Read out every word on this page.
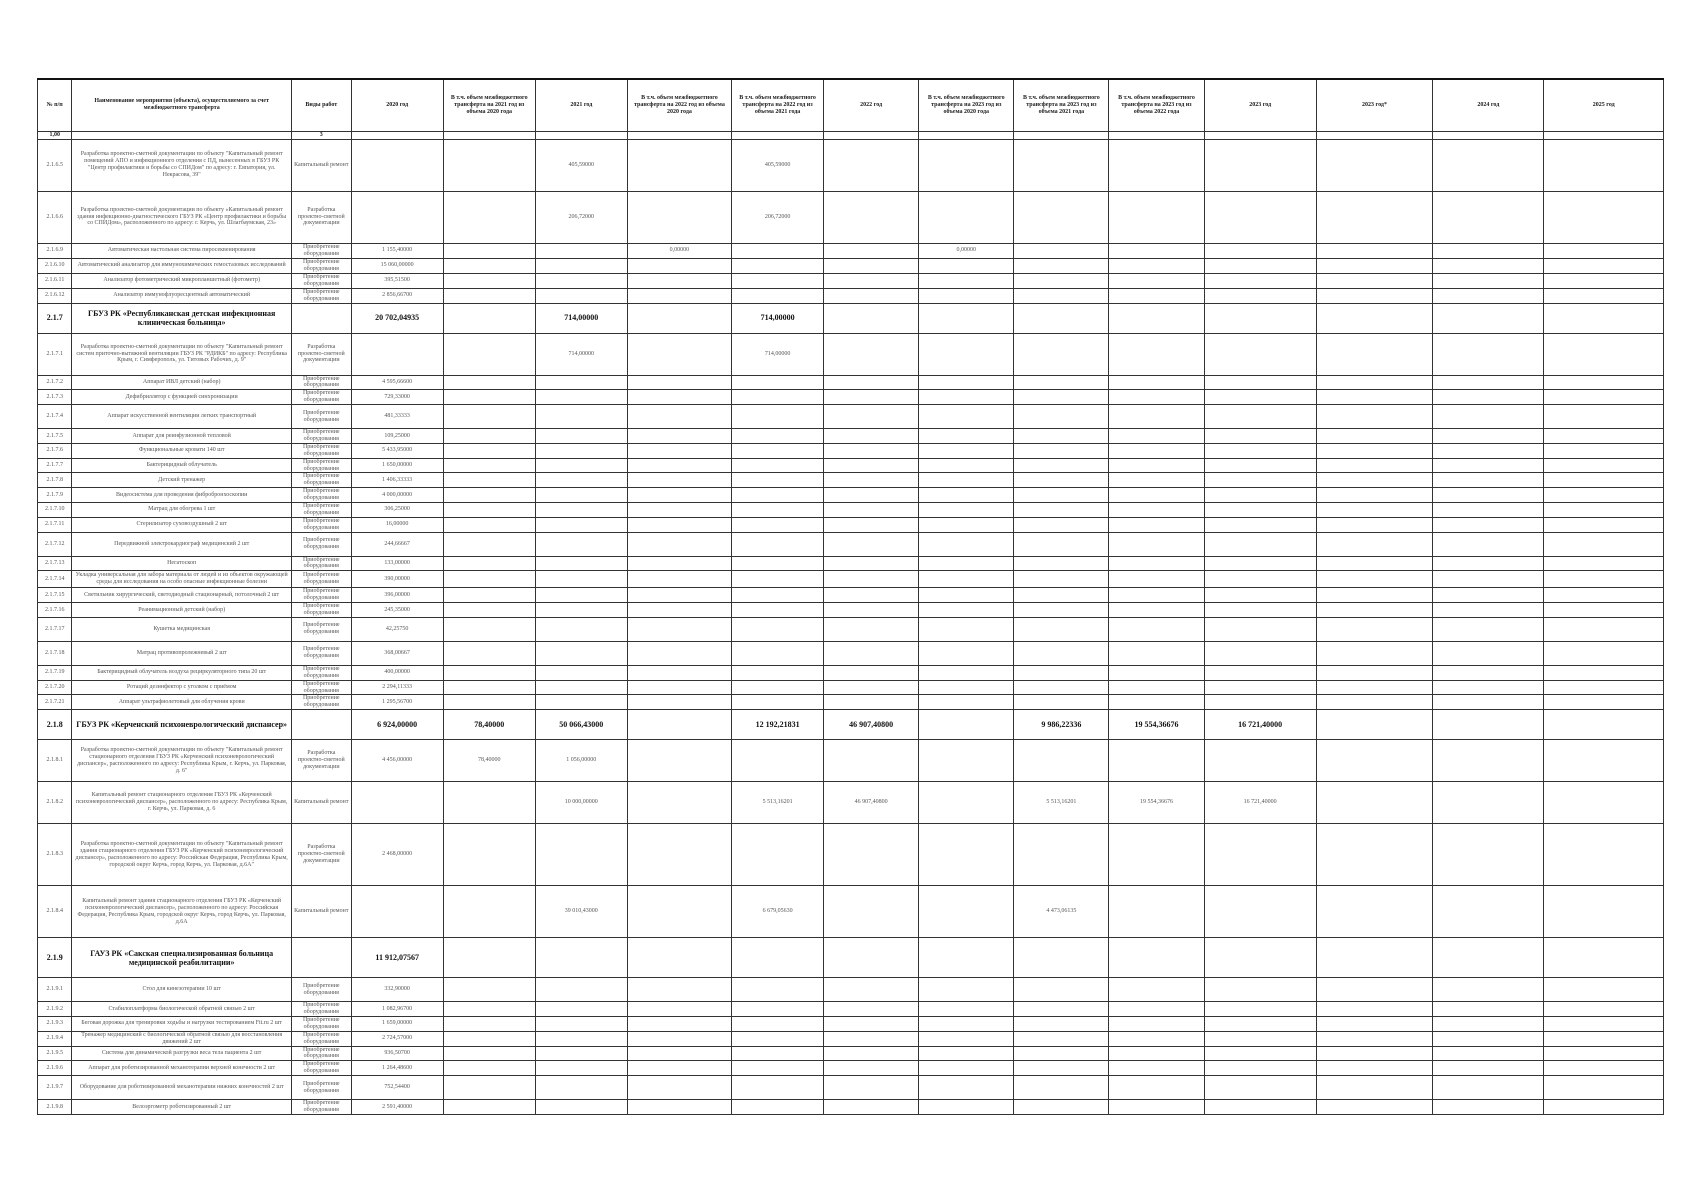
№ п/п	Наименование мероприятия (объекта), осуществляемого за счет межбюджетного трансферта	Виды работ	2020 год	В т.ч. объем межбюджетного трансферта на 2021 год из объема 2020 года	2021 год	В т.ч. объем межбюджетного трансферта на 2022 год из объема 2020 года	В т.ч. объем межбюджетного трансферта на 2022 год из объема 2021 года	2022 год	В т.ч. объем межбюджетного трансферта на 2023 год из объема 2020 года	В т.ч. объем межбюджетного трансферта на 2023 год из объема 2021 года	В т.ч. объем межбюджетного трансферта на 2023 год из объема 2022 года	2023 год	2023 год*	2024 год	2025 год
1,00		3													
2.1.6.5	Разработка проектно-сметной документации по объекту "Капитальный ремонт помещений АПО и инфекционного отделения с ПД, вынесенных в ГБУЗ РК "Центр профилактики и борьбы со СПИДом" по адресу: г. Евпатория, ул. Некрасова, 39"	Капитальный ремонт			405,59000		405,59000								
2.1.6.6	Разработка проектно-сметной документации по объекту «Капитальный ремонт здания инфекционно-диагностического ГБУЗ РК «Центр профилактики и борьбы со СПИДом», расположенного по адресу: г. Керчь, ул. Шлагбаумская, 23»	Разработка проектно-сметной документации			206,72000		206,72000								
2.1.6.9	Автоматическая настольная система пиросеквенирования	Приобретение оборудования	1 155,40000			0,00000			0,00000						
2.1.6.10	Автоматический анализатор для иммунохимических гемостазовых исследований	Приобретение оборудования	15 060,00000												
2.1.6.11	Анализатор фотометрический микропланшетный (фотометр)	Приобретение оборудования	395,51500												
2.1.6.12	Анализатор иммунофлуоресцентный автоматический	Приобретение оборудования	2 856,66700												
2.1.7	ГБУЗ РК «Республиканская детская инфекционная клиническая больница»		20 702,04935		714,00000		714,00000								
2.1.7.1	Разработка проектно-сметной документации по объекту "Капитальный ремонт систем приточно-вытяжной вентиляции ГБУЗ РК "РДИКБ" по адресу: Республика Крым, г. Симферополь, ул. Титовых Рабочих, д. 9"	Разработка проектно-сметной документации			714,00000		714,00000								
2.1.7.2	Аппарат ИВЛ детский (набор)	Приобретение оборудования	4 595,66600												
2.1.7.3	Дефибриллятор с функцией синхронизации	Приобретение оборудования	729,33000												
2.1.7.4	Аппарат искусственной вентиляции легких транспортный	Приобретение оборудования	481,33333												
2.1.7.5	Аппарат для реинфузионной тепловой	Приобретение оборудования	109,25000												
2.1.7.6	Функциональные кровати 140 шт	Приобретение оборудования	5 433,95000												
2.1.7.7	Бактерицидный облучатель	Приобретение оборудования	1 650,00000												
2.1.7.8	Детский тренажер	Приобретение оборудования	1 406,33333												
2.1.7.9	Видеосистема для проведения фибробронхоскопии	Приобретение оборудования	4 000,00000												
2.1.7.10	Матрац для обогрева 1 шт	Приобретение оборудования	306,25000												
2.1.7.11	Стерилизатор суховоздушный 2 шт	Приобретение оборудования	16,00000												
2.1.7.12	Передвижной электрокардиограф медицинский 2 шт	Приобретение оборудования	244,66667												
2.1.7.13	Негатоскоп	Приобретение оборудования	133,00000												
2.1.7.14	Укладка универсальная для забора материала от людей и из объектов окружающей среды для исследования на особо опасные инфекционные болезни	Приобретение оборудования	390,00000												
2.1.7.15	Светильник хирургический, светодиодный стационарный, потолочный 2 шт	Приобретение оборудования	396,00000												
2.1.7.16	Реанимационный детский (набор)	Приобретение оборудования	245,35000												
2.1.7.17	Кушетка медицинская	Приобретение оборудования	42,25750												
2.1.7.18	Матрац противопролежневый 2 шт	Приобретение оборудования	368,00667												
2.1.7.19	Бактерицидный облучатель воздуха рециркуляторного типа 20 шт	Приобретение оборудования	400,00000												
2.1.7.20	Ротаций дезинфектор с уголком с приёмом	Приобретение оборудования	2 294,11333												
2.1.7.21	Аппарат ультрафиолетовый для облучения крови	Приобретение оборудования	1 295,56700												
2.1.8	ГБУЗ РК «Керченский психоневрологический диспансер»		6 924,00000	78,40000	50 066,43000		12 192,21831	46 907,40800		9 986,22336	19 554,36676	16 721,40000			
2.1.8.1	Разработка проектно-сметной документации по объекту "Капитальный ремонт стационарного отделения ГБУЗ РК «Керченский психоневрологический диспансер», расположенного по адресу: Республика Крым, г. Керчь, ул. Парковая, д. 6"	Разработка проектно-сметной документации	4 456,00000	78,40000	1 056,00000										
2.1.8.2	Капитальный ремонт стационарного отделения ГБУЗ РК «Керченский психоневрологический диспансер», расположенного по адресу: Республика Крым, г. Керчь, ул. Парковая, д. 6	Капитальный ремонт			10 000,00000		5 513,16201	46 907,40800		5 513,16201	19 554,36676	16 721,40000			
2.1.8.3	Разработка проектно-сметной документации по объекту "Капитальный ремонт здания стационарного отделения ГБУЗ РК «Керченский психоневрологический диспансер», расположенного по адресу: Российская Федерация, Республика Крым, городской округ Керчь, город Керчь, ул. Парковая, д.6А"	Разработка проектно-сметной документации	2 468,00000												
2.1.8.4	Капитальный ремонт здания стационарного отделения ГБУЗ РК «Керченский психоневрологический диспансер», расположенного по адресу: Российская Федерация, Республика Крым, городской округ Керчь, город Керчь, ул. Парковая, д.6А	Капитальный ремонт			39 010,43000		6 679,05630			4 473,06135					
2.1.9	ГАУЗ РК «Сакская специализированная больница медицинской реабилитации»		11 912,07567												
2.1.9.1	Стол для кинезотерапии 10 шт	Приобретение оборудования	332,90000												
2.1.9.2	Стабилоплатформа биологической обратной связью 2 шт	Приобретение оборудования	1 082,96700												
2.1.9.3	Беговая дорожка для тренировки ходьбы и нагрузки тестированием Fit.ru 2 шт	Приобретение оборудования	1 659,00000												
2.1.9.4	Тренажер медицинский с биологической обратной связью для восстановления движений 2 шт	Приобретение оборудования	2 724,57000												
2.1.9.5	Система для динамической разгрузки веса тела пациента 2 шт	Приобретение оборудования	936,50700												
2.1.9.6	Аппарат для роботизированной механотерапии верхней конечности 2 шт	Приобретение оборудования	1 264,48600												
2.1.9.7	Оборудование для роботизированной механотерапии нижних конечностей 2 шт	Приобретение оборудования	752,54400												
2.1.9.8	Велоэргометр роботизированный 2 шт	Приобретение оборудования	2 591,40000												
